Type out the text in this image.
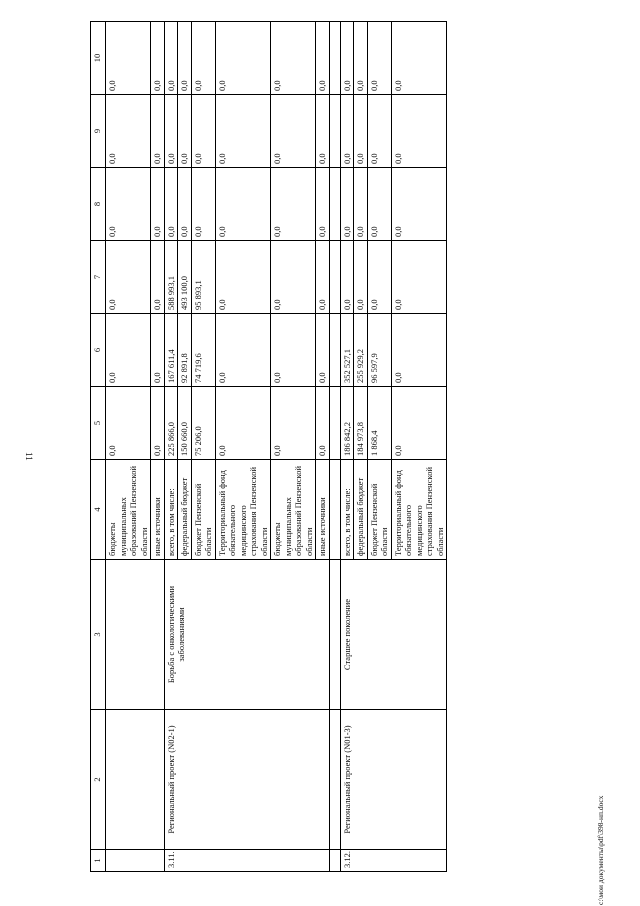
11
1	2	3	4	5	6	7	8	9	10
			бюджеты муниципальных образований Пензенской области	0,0	0,0	0,0	0,0	0,0	0,0
			иные источники	0,0	0,0	0,0	0,0	0,0	0,0
3.11.	Региональный проект (N02-1)	Борьба с онкологическими заболеваниями	всего, в том числе:	225 866,0	167 611,4	588 993,1	0,0	0,0	0,0
			федеральный бюджет	150 660,0	92 891,8	493 100,0	0,0	0,0	0,0
			бюджет Пензенской области	75 206,0	74 719,6	95 893,1	0,0	0,0	0,0
			Территориальный фонд обязательного медицинского страхования Пензенской области	0,0	0,0	0,0	0,0	0,0	0,0
			бюджеты муниципальных образований Пензенской области	0,0	0,0	0,0	0,0	0,0	0,0
			иные источники	0,0	0,0	0,0	0,0	0,0	0,0

3.12.	Региональный проект (N01-3)	Старшее поколение	всего, в том числе:	186 842,2	352 527,1	0,0	0,0	0,0	0,0
			федеральный бюджет	184 973,8	255 929,2	0,0	0,0	0,0	0,0
			бюджет Пензенской области	1 868,4	96 597,9	0,0	0,0	0,0	0,0
			Территориальный фонд обязательного медицинского страхования Пензенской области	0,0	0,0	0,0	0,0	0,0	0,0
c:\мои документы\pdf\398-нп.docx
